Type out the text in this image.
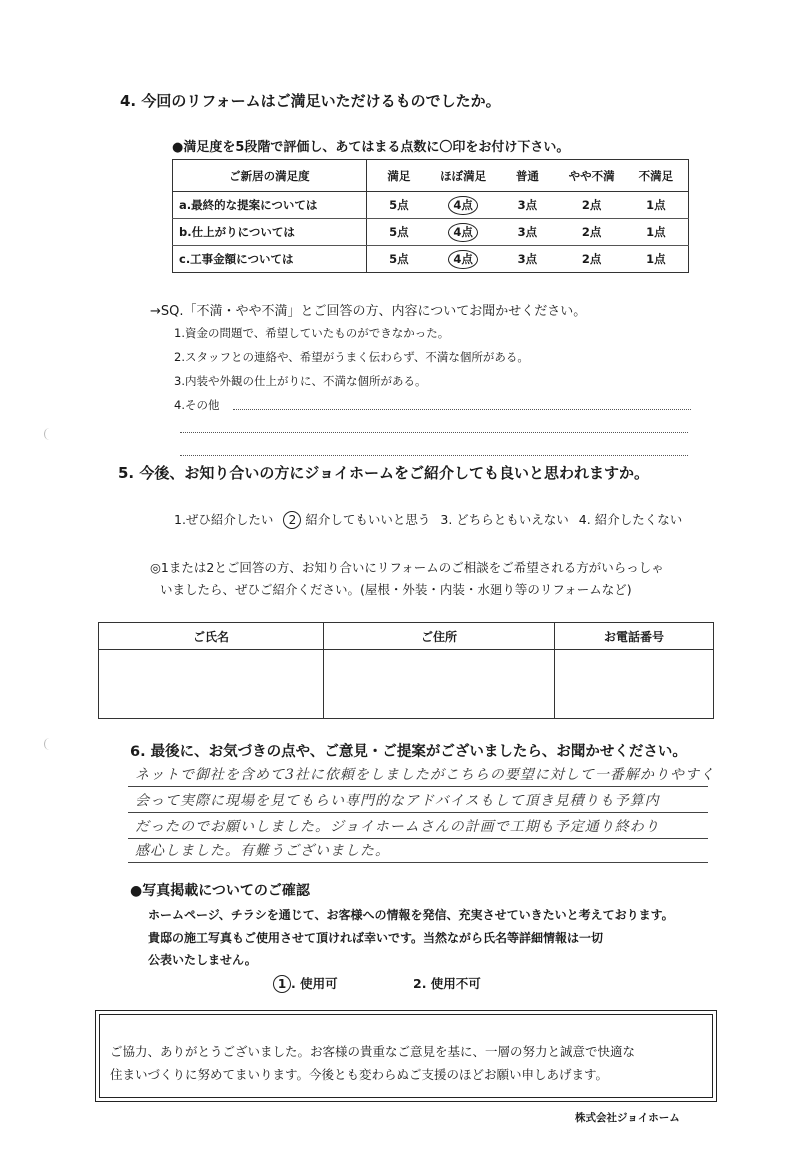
4. 今回のリフォームはご満足いただけるものでしたか。
●満足度を5段階で評価し、あてはまる点数に〇印をお付け下さい。
ご新居の満足度	満足	ほぼ満足	普通	やや不満	不満足
a.最終的な提案については	5点	4点	3点	2点	1点
b.仕上がりについては	5点	4点	3点	2点	1点
c.工事金額については	5点	4点	3点	2点	1点
→SQ.「不満・やや不満」とご回答の方、内容についてお聞かせください。
1.資金の問題で、希望していたものができなかった。
2.スタッフとの連絡や、希望がうまく伝わらず、不満な個所がある。
3.内装や外観の仕上がりに、不満な個所がある。
4.その他
5. 今後、お知り合いの方にジョイホームをご紹介しても良いと思われますか。
1.ぜひ紹介したい 2 紹介してもいいと思う 3. どちらともいえない 4. 紹介したくない
◎1または2とご回答の方、お知り合いにリフォームのご相談をご希望される方がいらっしゃ
いましたら、ぜひご紹介ください。(屋根・外装・内装・水廻り等のリフォームなど)
ご氏名	ご住所	お電話番号

6. 最後に、お気づきの点や、ご意見・ご提案がございましたら、お聞かせください。
ネットで御社を含めて3社に依頼をしましたがこちらの要望に対して一番解かりやすく
会って実際に現場を見てもらい専門的なアドバイスもして頂き見積りも予算内
だったのでお願いしました。ジョイホームさんの計画で工期も予定通り終わり
感心しました。有難うございました。
●写真掲載についてのご確認
ホームページ、チラシを通じて、お客様への情報を発信、充実させていきたいと考えております。
貴邸の施工写真もご使用させて頂ければ幸いです。当然ながら氏名等詳細情報は一切
公表いたしません。
1 . 使用可	2. 使用不可
ご協力、ありがとうございました。お客様の貴重なご意見を基に、一層の努力と誠意で快適な
住まいづくりに努めてまいります。今後とも変わらぬご支援のほどお願い申しあげます。
株式会社ジョイホーム
